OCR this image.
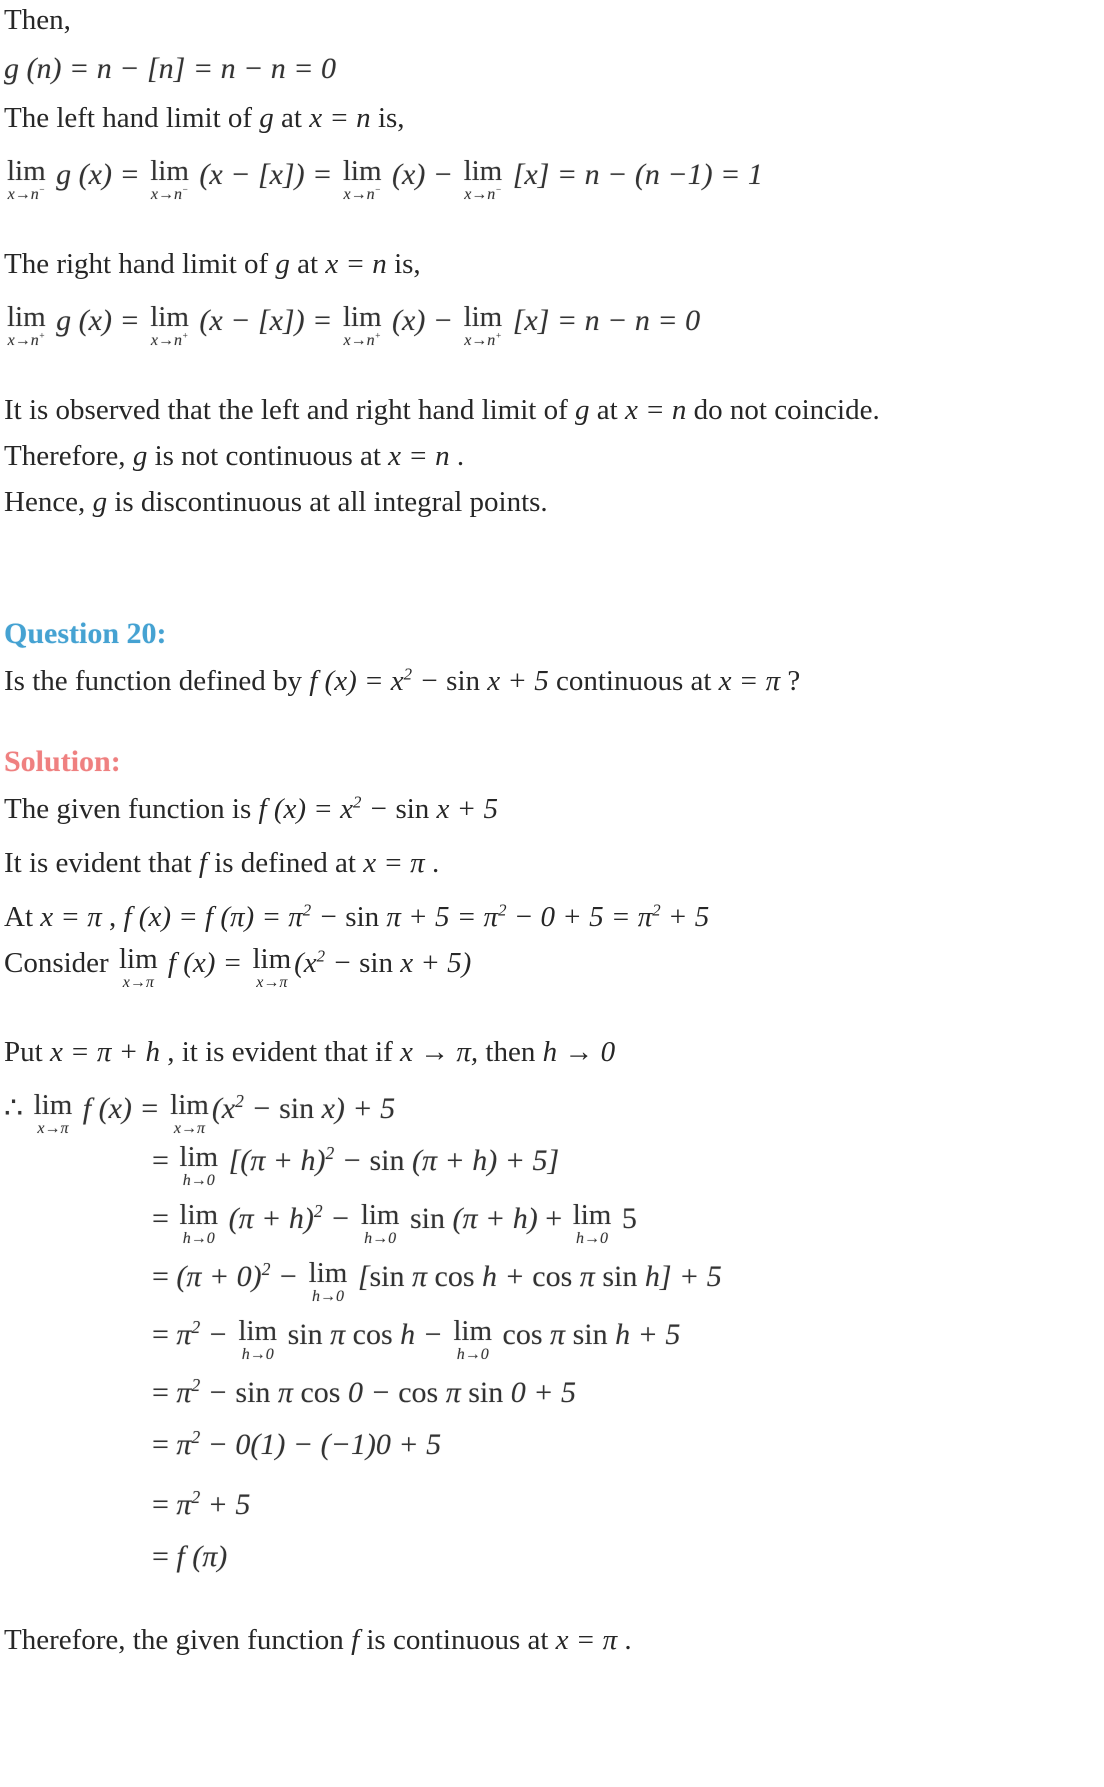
Then,
g (n) = n − [n] = n − n = 0
The left hand limit of g at x = n is,
lim
x→n− g (x) = lim
x→n− (x − [x]) = lim
x→n− (x) − lim
x→n− [x] = n − (n −1) = 1
The right hand limit of g at x = n is,
lim
x→n+ g (x) = lim
x→n+ (x − [x]) = lim
x→n+ (x) − lim
x→n+ [x] = n − n = 0
It is observed that the left and right hand limit of g at x = n do not coincide.
Therefore, g is not continuous at x = n .
Hence, g is discontinuous at all integral points.
Question 20:
Is the function defined by f $(x) = x^2 - \sin x + 5$ continuous at x = π ?
Solution:
The given function is f $(x) = x^2 - \sin x + 5$
It is evident that f is defined at x = π .
At x = π , f (x) = f $(\pi) = \pi^2 - \sin \pi + 5 = \pi^2 - 0 + 5 = \pi^2 + 5$
Consider lim
x→π
f (x) = lim
x→π
$(x^2 - \sin x + 5)$
Put x = π + h , it is evident that if x → π, then h → 0
∴ lim
x→π
f (x) = lim
x→π
$(x^2 - \sin x) + 5$
= lim
h→0
$[(\pi + h)^2 - \sin (\pi + h) + 5]$
= lim
h→0
$(\pi + h)^2 - \lim$
h→0
sin (π + h) + lim
h→0
5
= $(\pi + 0)^2 - \lim$
h→0
[sin π cos h + cos π sin h] + 5
= $\pi^2 - \lim$
h→0
sin π cos h − lim
h→0
cos π sin h + 5
= $\pi^2 - \sin \pi$ cos 0 − cos π sin 0 + 5
= $\pi^2 - 0(1) - (-1)0 + 5$
= $\pi^2 + 5$
= f (π)
Therefore, the given function f is continuous at x = π .
